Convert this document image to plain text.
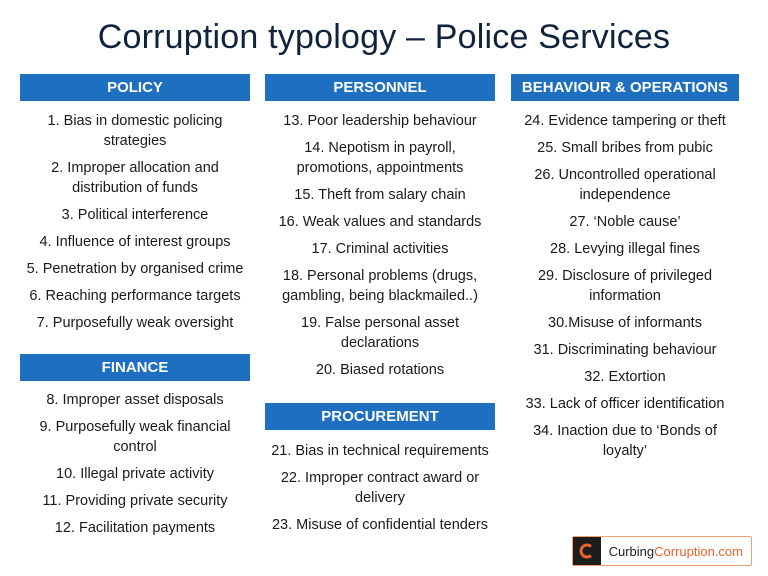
Corruption typology – Police Services
POLICY
1. Bias in domestic policing strategies
2. Improper allocation and distribution of funds
3. Political interference
4. Influence of interest groups
5. Penetration by organised crime
6. Reaching performance targets
7. Purposefully weak oversight
FINANCE
8. Improper asset disposals
9. Purposefully weak financial control
10. Illegal private activity
11. Providing private security
12. Facilitation payments
PERSONNEL
13. Poor leadership behaviour
14. Nepotism in payroll, promotions, appointments
15. Theft from salary chain
16. Weak values and standards
17. Criminal activities
18. Personal problems (drugs, gambling, being blackmailed..)
19. False personal asset declarations
20. Biased rotations
PROCUREMENT
21. Bias in technical requirements
22. Improper contract award or delivery
23. Misuse of confidential tenders
BEHAVIOUR & OPERATIONS
24. Evidence tampering or theft
25. Small bribes from pubic
26. Uncontrolled operational independence
27. ‘Noble cause’
28. Levying illegal fines
29. Disclosure of privileged information
30.Misuse of informants
31. Discriminating behaviour
32. Extortion
33. Lack of officer identification
34. Inaction due to ‘Bonds of loyalty’
CurbingCorruption.com
